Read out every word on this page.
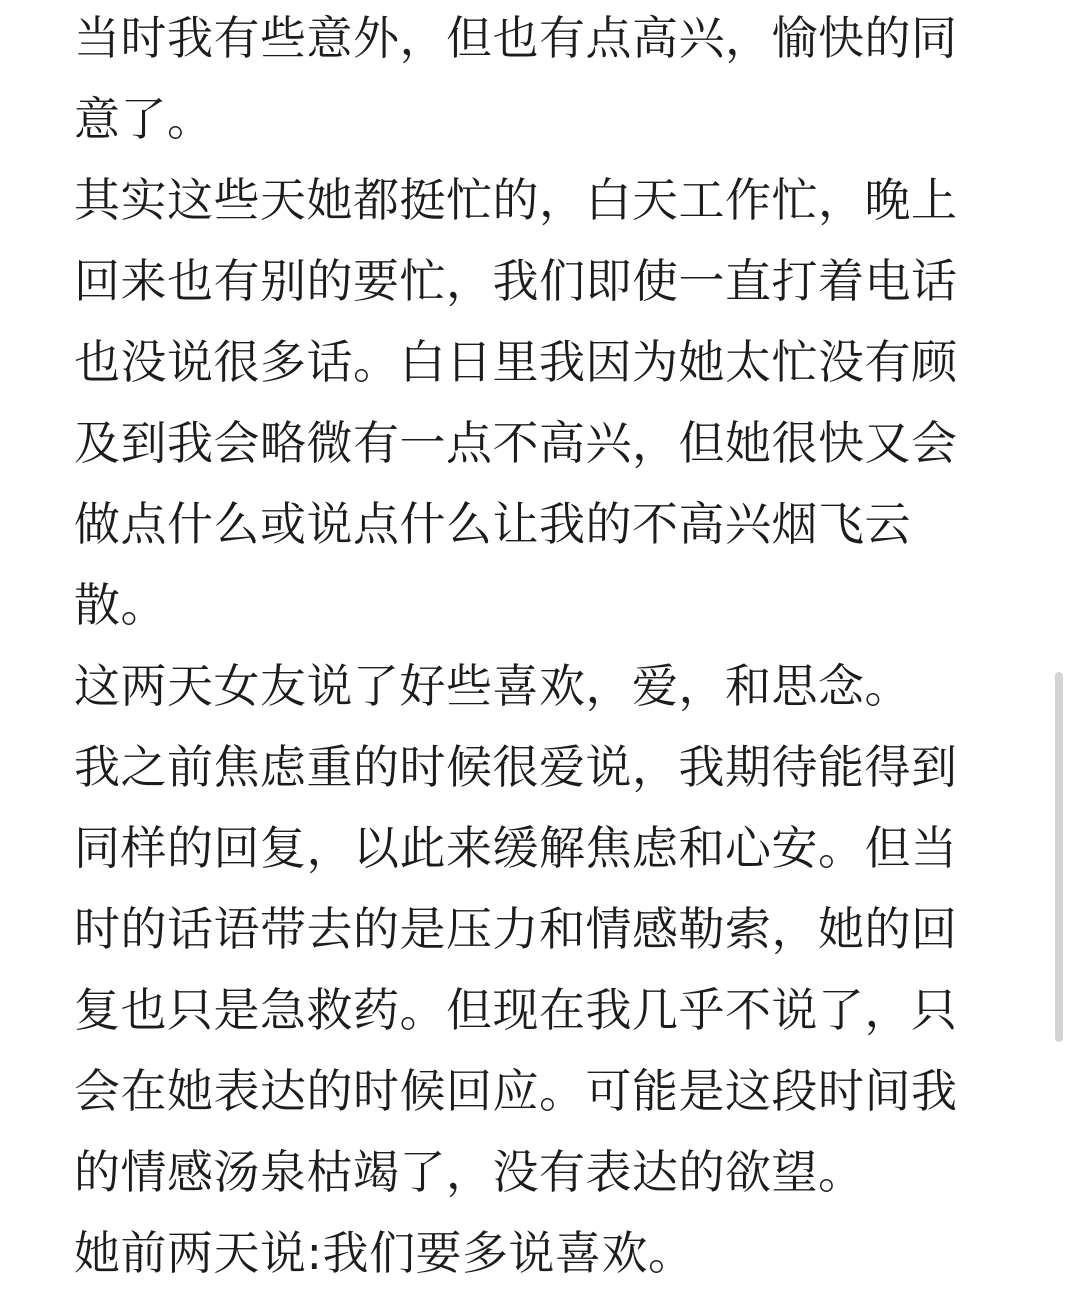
当时我有些意外，但也有点高兴，愉快的同意了。

其实这些天她都挺忙的，白天工作忙，晚上回来也有别的要忙，我们即使一直打着电话也没说很多话。白日里我因为她太忙没有顾及到我会略微有一点不高兴，但她很快又会做点什么或说点什么让我的不高兴烟飞云散。

这两天女友说了好些喜欢，爱，和思念。

我之前焦虑重的时候很爱说，我期待能得到同样的回复，以此来缓解焦虑和心安。但当时的话语带去的是压力和情感勒索，她的回复也只是急救药。但现在我几乎不说了，只会在她表达的时候回应。可能是这段时间我的情感汤泉枯竭了，没有表达的欲望。

她前两天说:我们要多说喜欢。
